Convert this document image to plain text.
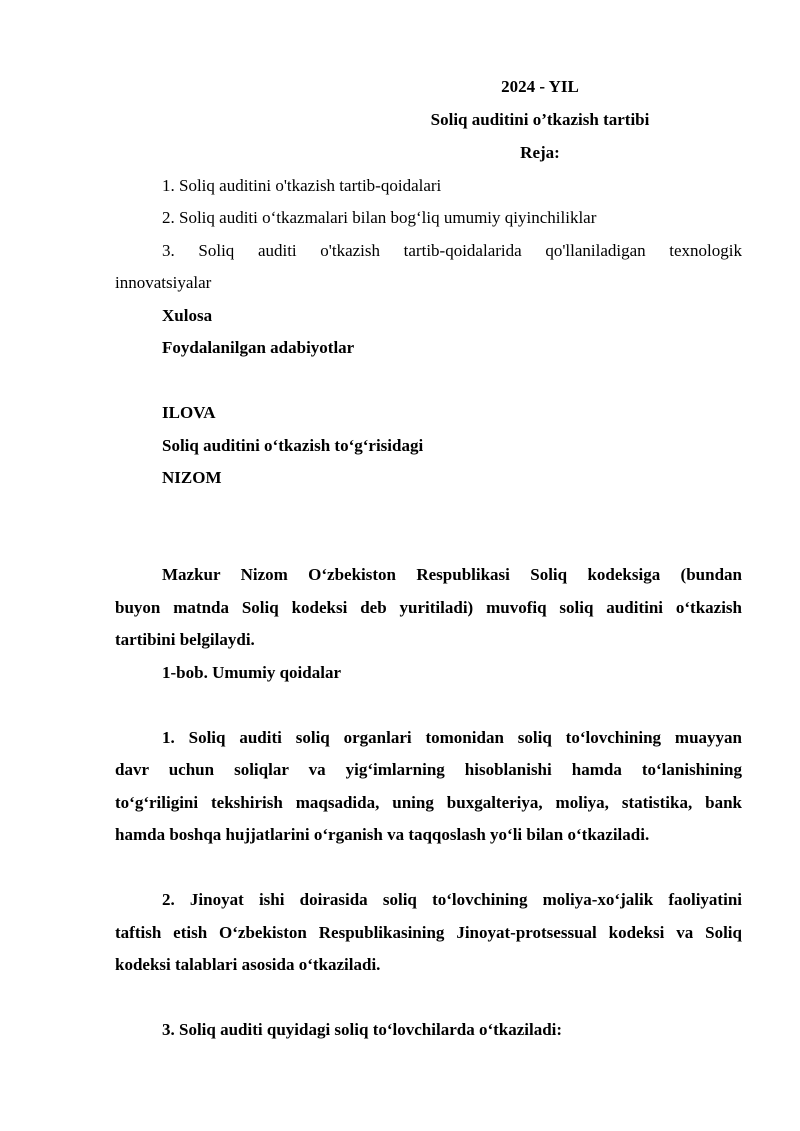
2024 - YIL
Soliq auditini o’tkazish tartibi
Reja:
1. Soliq auditini o'tkazish tartib-qoidalari
2. Soliq auditi o‘tkazmalari bilan bog‘liq umumiy qiyinchiliklar
3. Soliq auditi o'tkazish tartib-qoidalarida qo'llaniladigan texnologik
innovatsiyalar
Xulosa
Foydalanilgan adabiyotlar
ILOVA
Soliq auditini o‘tkazish to‘g‘risidagi
NIZOM
Mazkur Nizom O‘zbekiston Respublikasi Soliq kodeksiga (bundan
buyon matnda Soliq kodeksi deb yuritiladi) muvofiq soliq auditini o‘tkazish
tartibini belgilaydi.
1-bob. Umumiy qoidalar
1. Soliq auditi soliq organlari tomonidan soliq to‘lovchining muayyan
davr uchun soliqlar va yig‘imlarning hisoblanishi hamda to‘lanishining
to‘g‘riligini tekshirish maqsadida, uning buxgalteriya, moliya, statistika, bank
hamda boshqa hujjatlarini o‘rganish va taqqoslash yo‘li bilan o‘tkaziladi.
2. Jinoyat ishi doirasida soliq to‘lovchining moliya-xo‘jalik faoliyatini
taftish etish O‘zbekiston Respublikasining Jinoyat-protsessual kodeksi va Soliq
kodeksi talablari asosida o‘tkaziladi.
3. Soliq auditi quyidagi soliq to‘lovchilarda o‘tkaziladi:
